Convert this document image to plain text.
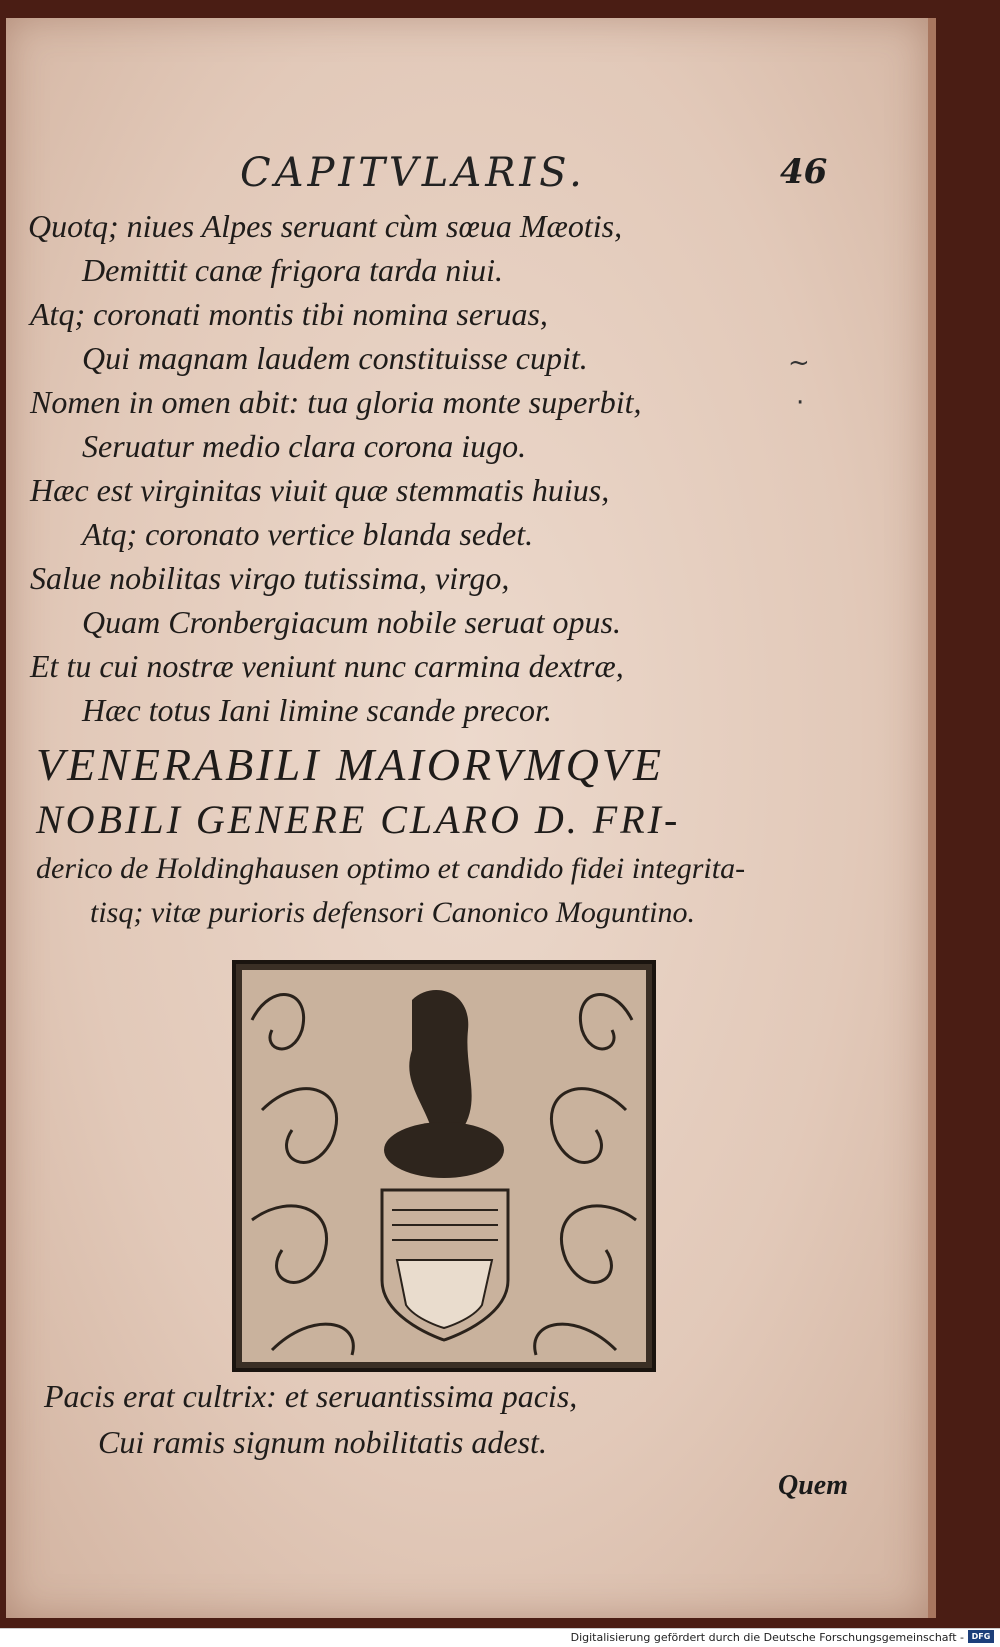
CAPITVLARIS.	46
Quotq; niues Alpes seruant cùm sœua Mæotis,
Demittit canæ frigora tarda niui.
Atq; coronati montis tibi nomina seruas,
Qui magnam laudem constituisse cupit.
Nomen in omen abit: tua gloria monte superbit,
Seruatur medio clara corona iugo.
Hæc est virginitas viuit quæ stemmatis huius,
Atq; coronato vertice blanda sedet.
Salue nobilitas virgo tutissima, virgo,
Quam Cronbergiacum nobile seruat opus.
Et tu cui nostræ veniunt nunc carmina dextræ,
Hæc totus Iani limine scande precor.
~
·
VENERABILI MAIORVMQVE
NOBILI GENERE CLARO D. FRI-
derico de Holdinghausen optimo et candido fidei integrita-
tisq; vitæ purioris defensori Canonico Moguntino.
Pacis erat cultrix: et seruantissima pacis,
Cui ramis signum nobilitatis adest.
Quem
Digitalisierung gefördert durch die Deutsche Forschungsgemeinschaft - DFG
